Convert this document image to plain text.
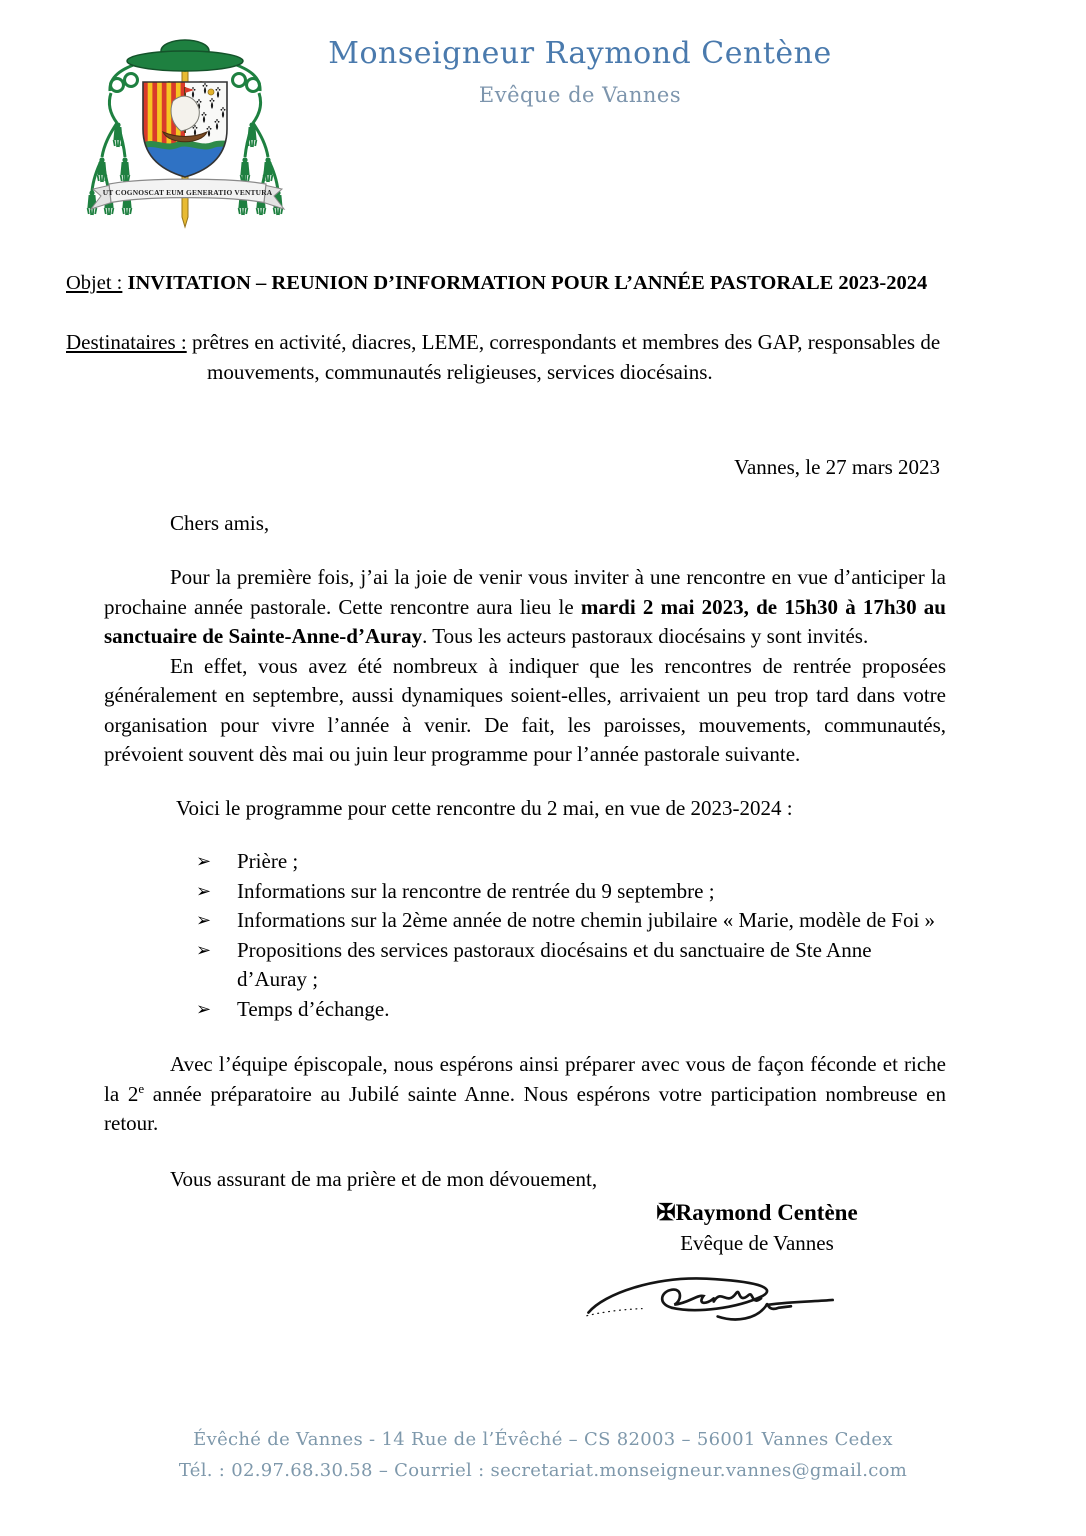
UT COGNOSCAT EUM GENERATIO VENTURA
Monseigneur Raymond Centène
Evêque de Vannes
Objet : INVITATION – REUNION D’INFORMATION POUR L’ANNÉE PASTORALE 2023-2024
Destinataires : prêtres en activité, diacres, LEME, correspondants et membres des GAP, responsables de mouvements, communautés religieuses, services diocésains.
Vannes, le 27 mars 2023
Chers amis,

Pour la première fois, j’ai la joie de venir vous inviter à une rencontre en vue d’anticiper la prochaine année pastorale. Cette rencontre aura lieu le mardi 2 mai 2023, de 15h30 à 17h30 au sanctuaire de Sainte-Anne-d’Auray. Tous les acteurs pastoraux diocésains y sont invités.

En effet, vous avez été nombreux à indiquer que les rencontres de rentrée proposées généralement en septembre, aussi dynamiques soient-elles, arrivaient un peu trop tard dans votre organisation pour vivre l’année à venir. De fait, les paroisses, mouvements, communautés, prévoient souvent dès mai ou juin leur programme pour l’année pastorale suivante.

Voici le programme pour cette rencontre du 2 mai, en vue de 2023-2024 :

➢ Prière ;
➢ Informations sur la rencontre de rentrée du 9 septembre ;
➢ Informations sur la 2ème année de notre chemin jubilaire « Marie, modèle de Foi »
➢ Propositions des services pastoraux diocésains et du sanctuaire de Ste Anne d’Auray ;
➢ Temps d’échange.

Avec l’équipe épiscopale, nous espérons ainsi préparer avec vous de façon féconde et riche la 2e année préparatoire au Jubilé sainte Anne. Nous espérons votre participation nombreuse en retour.

Vous assurant de ma prière et de mon dévouement,

✠Raymond Centène
Evêque de Vannes
Évêché de Vannes - 14 Rue de l’Évêché – CS 82003 – 56001 Vannes Cedex
Tél. : 02.97.68.30.58 – Courriel : secretariat.monseigneur.vannes@gmail.com
